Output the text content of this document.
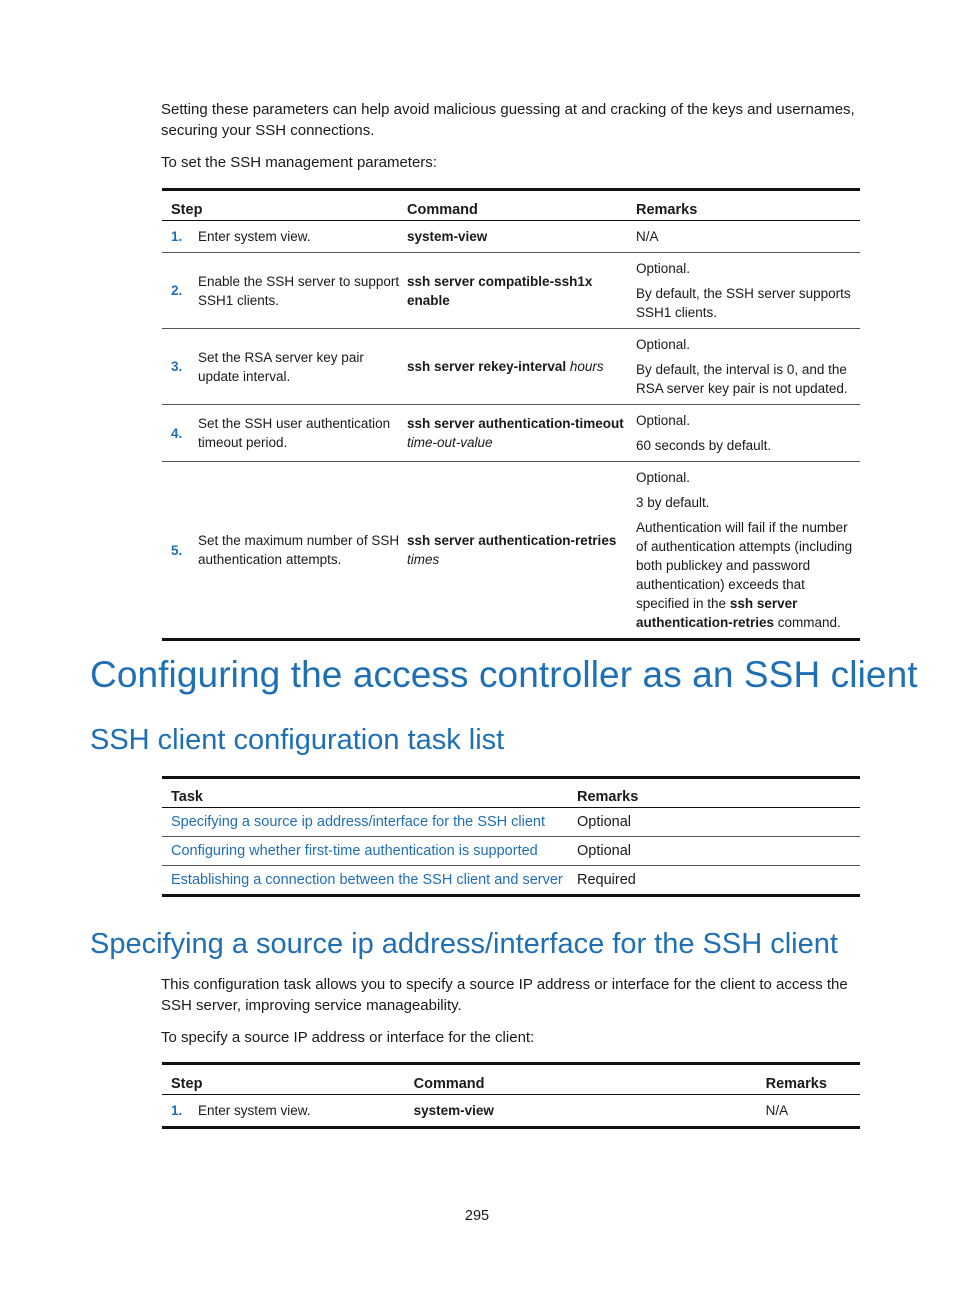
Setting these parameters can help avoid malicious guessing at and cracking of the keys and usernames, securing your SSH connections.

To set the SSH management parameters:

Step		Command	Remarks
1.	Enter system view.	system-view	N/A

2.	Enable the SSH server to support SSH1 clients.	ssh server compatible-ssh1x enable	Optional.

By default, the SSH server supports SSH1 clients.

3.	Set the RSA server key pair update interval.	ssh server rekey-interval hours	Optional.

By default, the interval is 0, and the RSA server key pair is not updated.

4.	Set the SSH user authentication timeout period.	ssh server authentication-timeout time-out-value	Optional.

60 seconds by default.

5.	Set the maximum number of SSH authentication attempts.	ssh server authentication-retries times	Optional.

3 by default.

Authentication will fail if the number of authentication attempts (including both publickey and password authentication) exceeds that specified in the ssh server authentication-retries command.

Configuring the access controller as an SSH client
SSH client configuration task list
Task	Remarks
Specifying a source ip address/interface for the SSH client	Optional
Configuring whether first-time authentication is supported	Optional
Establishing a connection between the SSH client and server	Required
Specifying a source ip address/interface for the SSH client

This configuration task allows you to specify a source IP address or interface for the client to access the SSH server, improving service manageability.

To specify a source IP address or interface for the client:

Step		Command	Remarks
1.	Enter system view.	system-view	N/A
295
